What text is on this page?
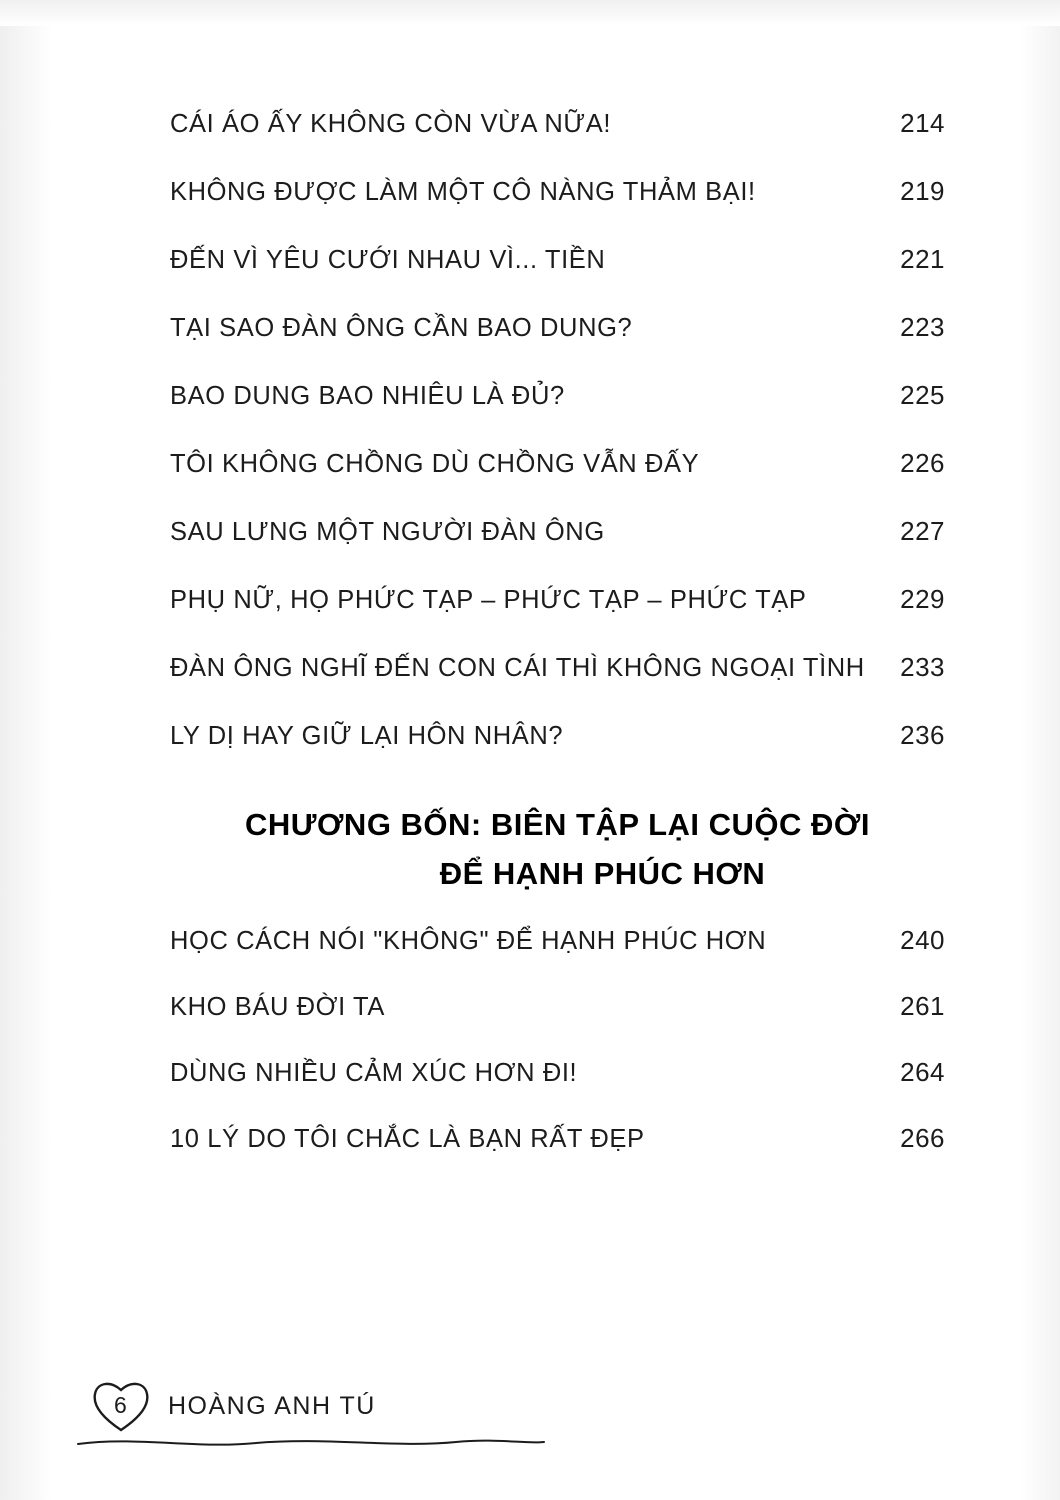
CÁI ÁO ẤY KHÔNG CÒN VỪA NỮA!	214
KHÔNG ĐƯỢC LÀM MỘT CÔ NÀNG THẢM BẠI!	219
ĐẾN VÌ YÊU CƯỚI NHAU VÌ... TIỀN	221
TẠI SAO ĐÀN ÔNG CẦN BAO DUNG?	223
BAO DUNG BAO NHIÊU LÀ ĐỦ?	225
TÔI KHÔNG CHỒNG DÙ CHỒNG VẪN ĐẤY	226
SAU LƯNG MỘT NGƯỜI ĐÀN ÔNG	227
PHỤ NỮ, HỌ PHỨC TẠP – PHỨC TẠP – PHỨC TẠP	229
ĐÀN ÔNG NGHĨ ĐẾN CON CÁI THÌ KHÔNG NGOẠI TÌNH	233
LY DỊ HAY GIỮ LẠI HÔN NHÂN?	236
CHƯƠNG BỐN: BIÊN TẬP LẠI CUỘC ĐỜI
ĐỂ HẠNH PHÚC HƠN
HỌC CÁCH NÓI "KHÔNG" ĐỂ HẠNH PHÚC HƠN	240
KHO BÁU ĐỜI TA	261
DÙNG NHIỀU CẢM XÚC HƠN ĐI!	264
10 LÝ DO TÔI CHẮC LÀ BẠN RẤT ĐẸP	266
6 HOÀNG ANH TÚ
